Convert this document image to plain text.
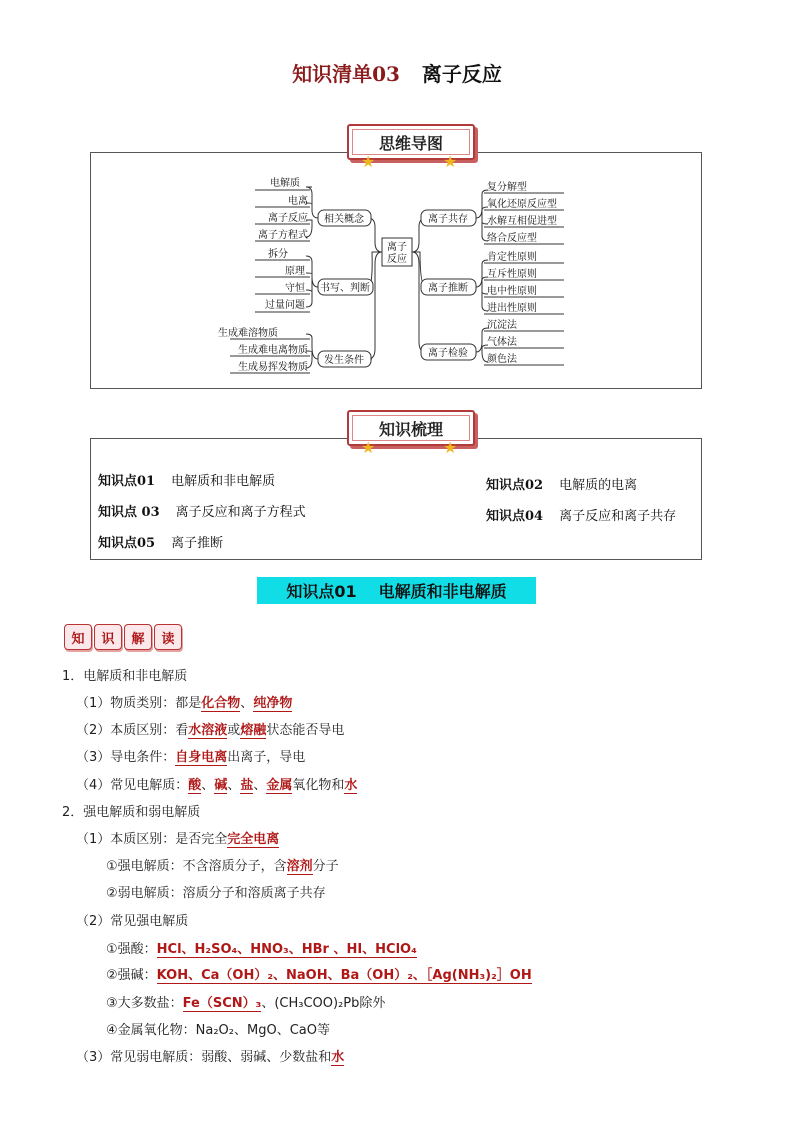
知识清单03 离子反应
思维导图
★	★
离子
反应
相关概念
书写、判断
发生条件
电解质
电离
离子反应
离子方程式
拆分
原理
守恒
过量问题
生成难溶物质
生成难电离物质
生成易挥发物质
离子共存
离子推断
离子检验
复分解型
氧化还原反应型
水解互相促进型
络合反应型
肯定性原则
互斥性原则
电中性原则
进出性原则
沉淀法
气体法
颜色法
知识梳理
★	★
知识点01 电解质和非电解质	知识点02 电解质的电离
知识点 03 离子反应和离子方程式	知识点04 离子反应和离子共存
知识点05 离子推断
知识点01 电解质和非电解质
知	识	解	读
1．电解质和非电解质
（1）物质类别：都是化合物、纯净物
（2）本质区别：看水溶液或熔融状态能否导电
（3）导电条件：自身电离出离子，导电
（4）常见电解质：酸、碱、盐、金属氧化物和水
2．强电解质和弱电解质
（1）本质区别：是否完全完全电离
①强电解质：不含溶质分子，含溶剂分子
②弱电解质：溶质分子和溶质离子共存
（2）常见强电解质
①强酸：HCl、H₂SO₄、HNO₃、HBr 、HI、HClO₄
②强碱：KOH、Ca（OH）₂、NaOH、Ba（OH）₂、［Ag(NH₃)₂］OH
③大多数盐：Fe（SCN）₃、(CH₃COO)₂Pb除外
④金属氧化物：Na₂O₂、MgO、CaO等
（3）常见弱电解质：弱酸、弱碱、少数盐和水
